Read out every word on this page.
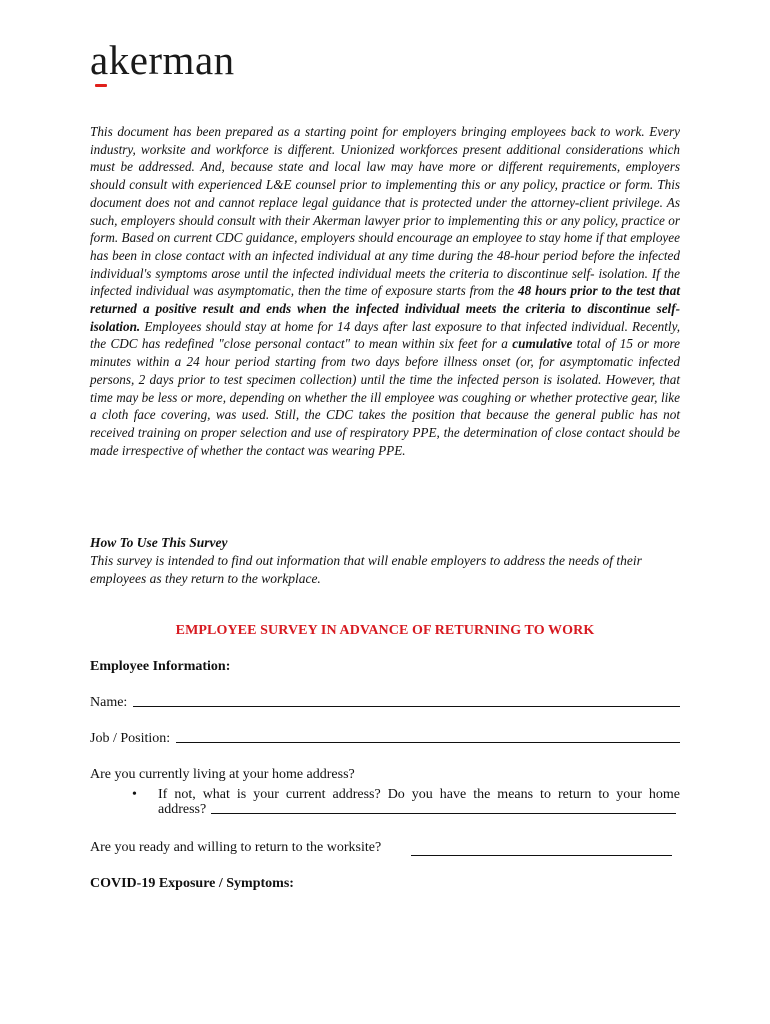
akerman

This document has been prepared as a starting point for employers bringing employees back to work. Every industry, worksite and workforce is different. Unionized workforces present additional considerations which must be addressed. And, because state and local law may have more or different requirements, employers should consult with experienced L&E counsel prior to implementing this or any policy, practice or form. This document does not and cannot replace legal guidance that is protected under the attorney-client privilege. As such, employers should consult with their Akerman lawyer prior to implementing this or any policy, practice or form. Based on current CDC guidance, employers should encourage an employee to stay home if that employee has been in close contact with an infected individual at any time during the 48-hour period before the infected individual's symptoms arose until the infected individual meets the criteria to discontinue self- isolation. If the infected individual was asymptomatic, then the time of exposure starts from the 48 hours prior to the test that returned a positive result and ends when the infected individual meets the criteria to discontinue self-isolation. Employees should stay at home for 14 days after last exposure to that infected individual. Recently, the CDC has redefined "close personal contact" to mean within six feet for a cumulative total of 15 or more minutes within a 24 hour period starting from two days before illness onset (or, for asymptomatic infected persons, 2 days prior to test specimen collection) until the time the infected person is isolated. However, that time may be less or more, depending on whether the ill employee was coughing or whether protective gear, like a cloth face covering, was used. Still, the CDC takes the position that because the general public has not received training on proper selection and use of respiratory PPE, the determination of close contact should be made irrespective of whether the contact was wearing PPE.

How To Use This Survey
This survey is intended to find out information that will enable employers to address the needs of their employees as they return to the workplace.
EMPLOYEE SURVEY IN ADVANCE OF RETURNING TO WORK
Employee Information:
Name:
Job / Position:
Are you currently living at your home address?
• If not, what is your current address? Do you have the means to return to your home
address?
Are you ready and willing to return to the worksite?
COVID-19 Exposure / Symptoms:
